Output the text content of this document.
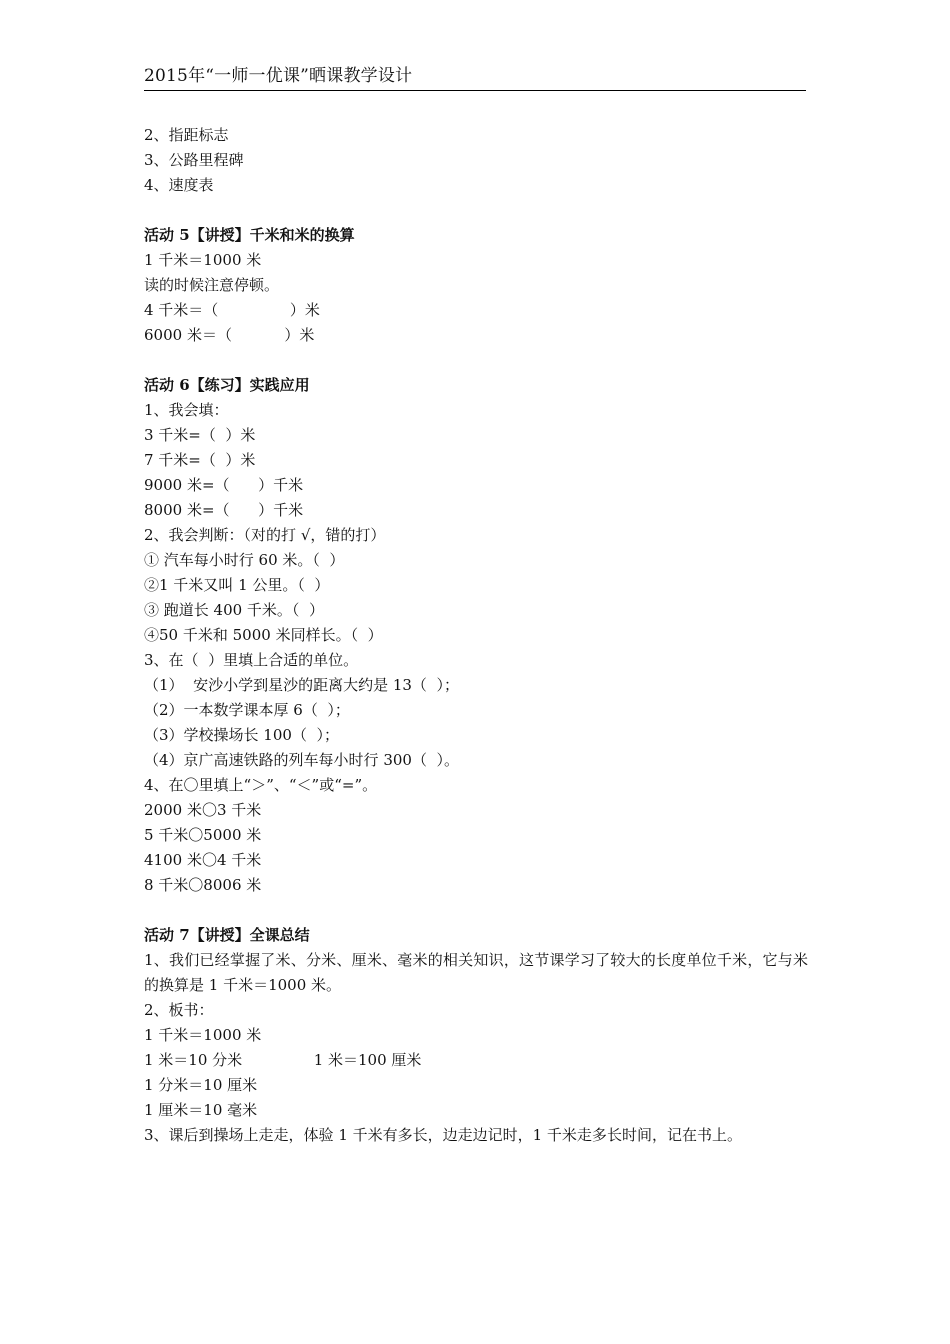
2015年“一师一优课”晒课教学设计
2、指距标志
3、公路里程碑
4、速度表
活动 5【讲授】千米和米的换算
1 千米＝1000 米
读的时候注意停顿。
4 千米＝（               ）米
6000 米＝（           ）米
活动 6【练习】实践应用
1、我会填：
3 千米=（  ）米
7 千米=（  ）米
9000 米=（      ）千米
8000 米=（      ）千米
2、我会判断：（对的打 √，错的打）
① 汽车每小时行 60 米。（  ）
②1 千米又叫 1 公里。（  ）
③ 跑道长 400 千米。（  ）
④50 千米和 5000 米同样长。（  ）
3、在（  ）里填上合适的单位。
（1）  安沙小学到星沙的距离大约是 13（  ）；
（2）一本数学课本厚 6（  ）；
（3）学校操场长 100（  ）；
（4）京广高速铁路的列车每小时行 300（  ）。
4、在〇里填上“＞”、“＜”或“=”。
2000 米〇3 千米
5 千米〇5000 米
4100 米〇4 千米
8 千米〇8006 米
活动 7【讲授】全课总结
1、我们已经掌握了米、分米、厘米、毫米的相关知识，这节课学习了较大的长度单位千米，它与米的换算是 1 千米＝1000 米。
2、板书：
1 千米＝1000 米
1 米＝10 分米               1 米＝100 厘米
1 分米＝10 厘米
1 厘米＝10 毫米
3、课后到操场上走走，体验 1 千米有多长，边走边记时，1 千米走多长时间，记在书上。
